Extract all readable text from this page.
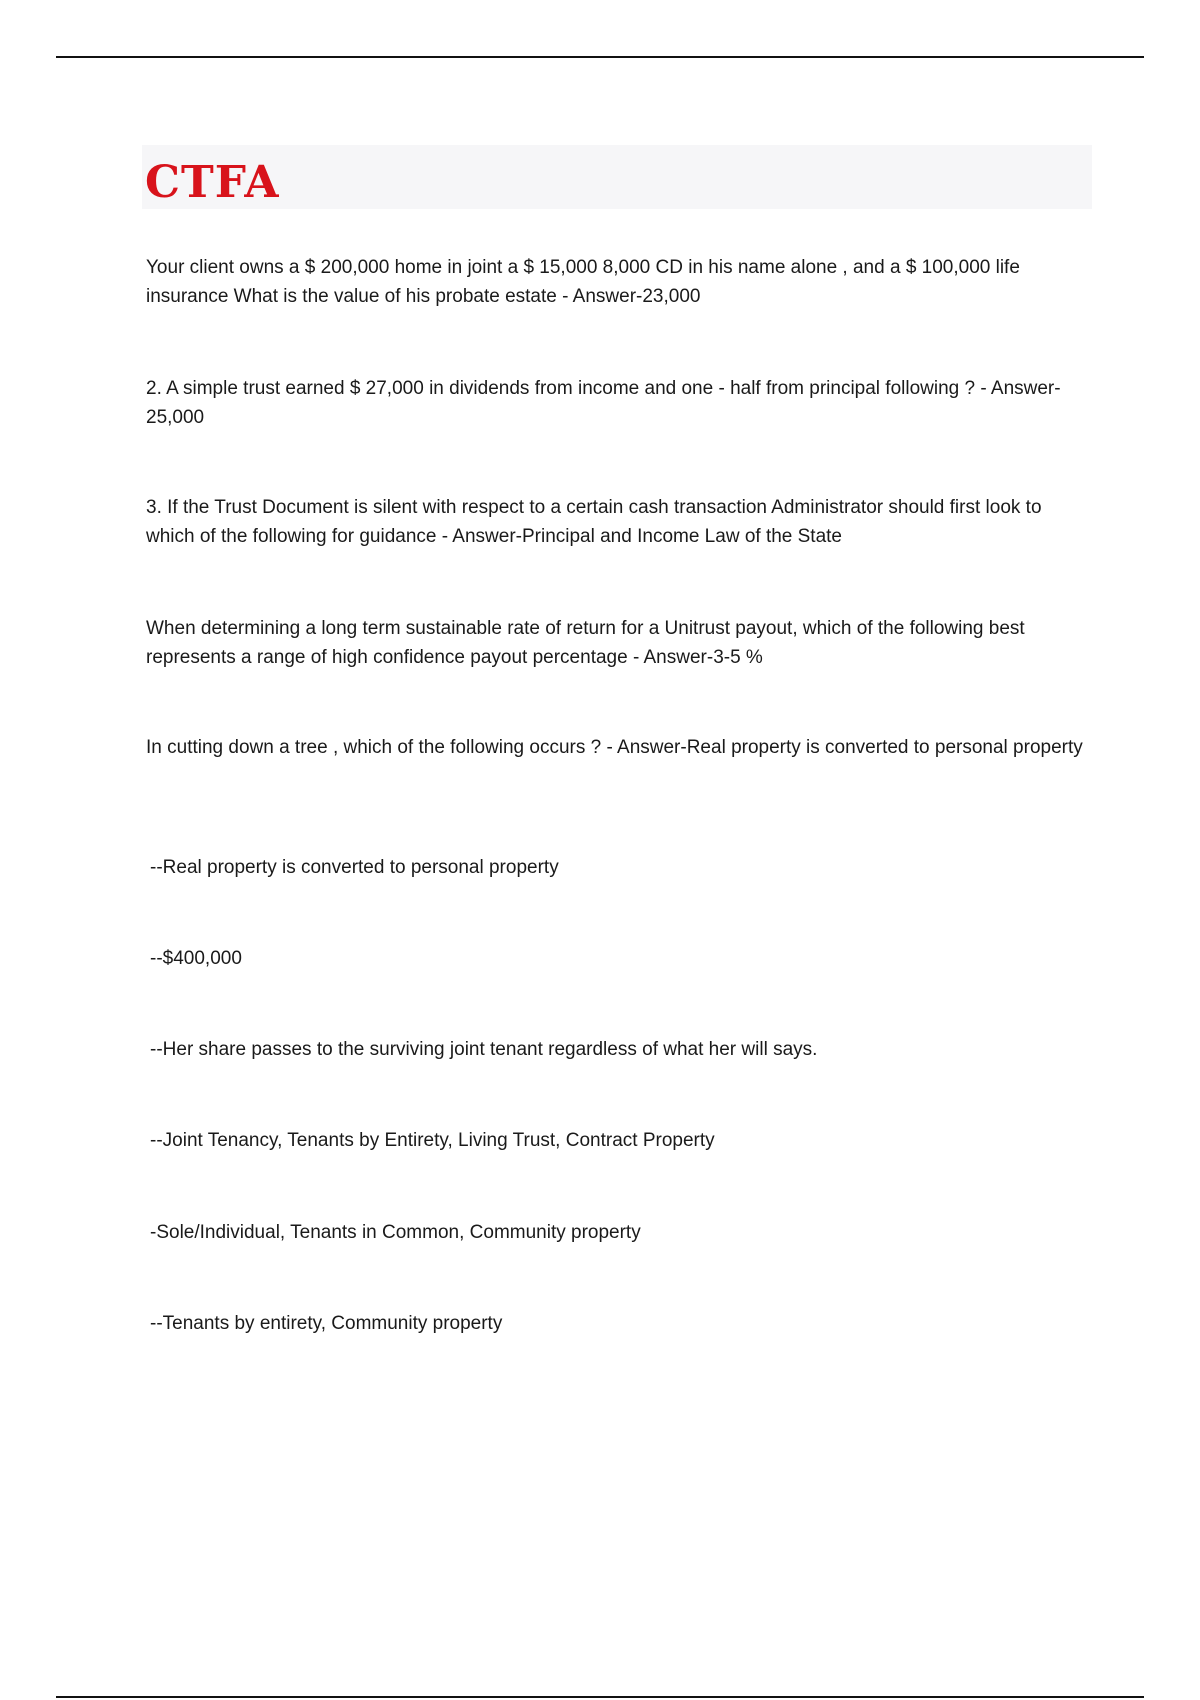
CTFA

Your client owns a $ 200,000 home in joint a $ 15,000 8,000 CD in his name alone , and a $ 100,000 life insurance What is the value of his probate estate - Answer-23,000

2. A simple trust earned $ 27,000 in dividends from income and one - half from principal following ? - Answer-25,000

3. If the Trust Document is silent with respect to a certain cash transaction Administrator should first look to which of the following for guidance - Answer-Principal and Income Law of the State

When determining a long term sustainable rate of return for a Unitrust payout, which of the following best represents a range of high confidence payout percentage - Answer-3-5 %

In cutting down a tree , which of the following occurs ? - Answer-Real property is converted to personal property

--Real property is converted to personal property

--$400,000

--Her share passes to the surviving joint tenant regardless of what her will says.

--Joint Tenancy, Tenants by Entirety, Living Trust, Contract Property

-Sole/Individual, Tenants in Common, Community property

--Tenants by entirety, Community property
